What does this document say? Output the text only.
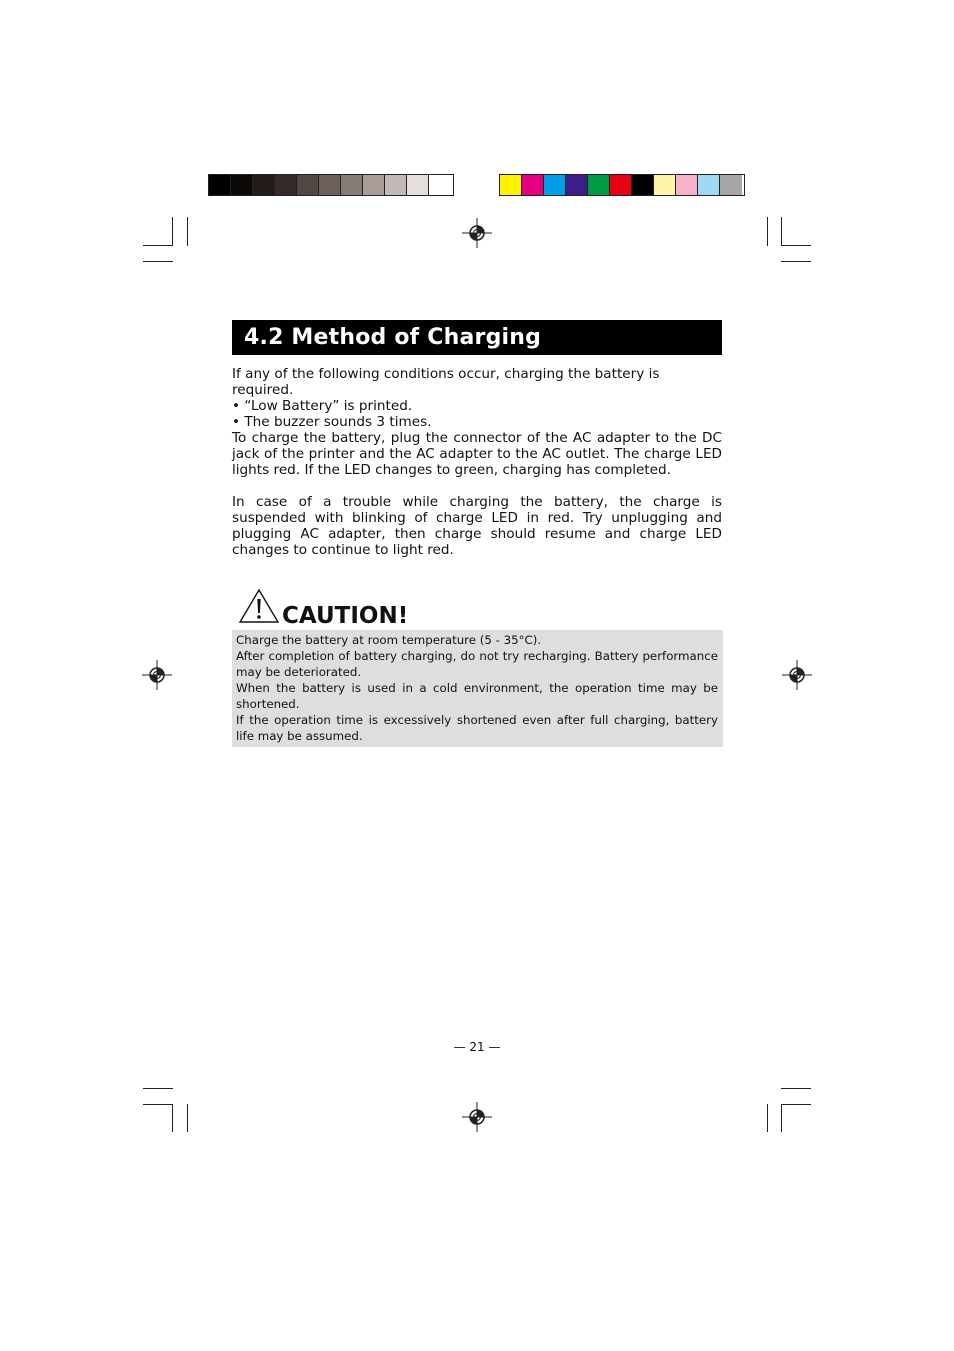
4.2 Method of Charging

If any of the following conditions occur, charging the battery is required.

• “Low Battery” is printed.

• The buzzer sounds 3 times.

To charge the battery, plug the connector of the AC adapter to the DC jack of the printer and the AC adapter to the AC outlet. The charge LED lights red. If the LED changes to green, charging has completed.
In case of a trouble while charging the battery, the charge is suspended with blinking of charge LED in red. Try unplugging and plugging AC adapter, then charge should resume and charge LED changes to continue to light red.
CAUTION!

Charge the battery at room temperature (5 - 35°C).

After completion of battery charging, do not try recharging. Battery performance may be deteriorated.

When the battery is used in a cold environment, the operation time may be shortened.

If the operation time is excessively shortened even after full charging, battery life may be assumed.

— 21 —
